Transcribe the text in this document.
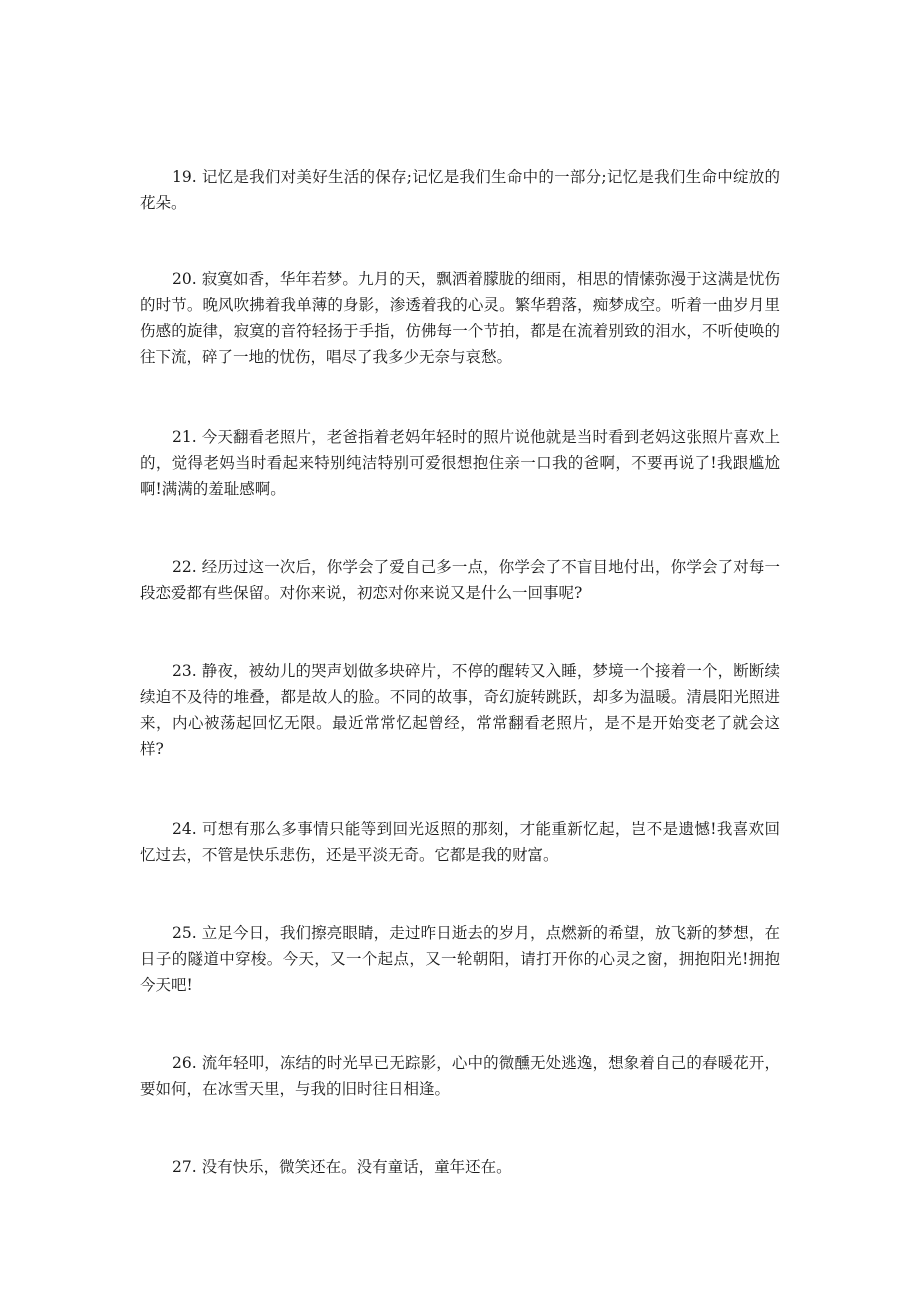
19. 记忆是我们对美好生活的保存;记忆是我们生命中的一部分;记忆是我们生命中绽放的花朵。

20. 寂寞如香，华年若梦。九月的天，飘洒着朦胧的细雨，相思的情愫弥漫于这满是忧伤的时节。晚风吹拂着我单薄的身影，渗透着我的心灵。繁华碧落，痴梦成空。听着一曲岁月里伤感的旋律，寂寞的音符轻扬于手指，仿佛每一个节拍，都是在流着别致的泪水，不听使唤的往下流，碎了一地的忧伤，唱尽了我多少无奈与哀愁。

21. 今天翻看老照片，老爸指着老妈年轻时的照片说他就是当时看到老妈这张照片喜欢上的，觉得老妈当时看起来特别纯洁特别可爱很想抱住亲一口我的爸啊，不要再说了!我跟尴尬啊!满满的羞耻感啊。

22. 经历过这一次后，你学会了爱自己多一点，你学会了不盲目地付出，你学会了对每一段恋爱都有些保留。对你来说，初恋对你来说又是什么一回事呢?

23. 静夜，被幼儿的哭声划做多块碎片，不停的醒转又入睡，梦境一个接着一个，断断续续迫不及待的堆叠，都是故人的脸。不同的故事，奇幻旋转跳跃，却多为温暖。清晨阳光照进来，内心被荡起回忆无限。最近常常忆起曾经，常常翻看老照片，是不是开始变老了就会这样?

24. 可想有那么多事情只能等到回光返照的那刻，才能重新忆起，岂不是遗憾!我喜欢回忆过去，不管是快乐悲伤，还是平淡无奇。它都是我的财富。

25. 立足今日，我们擦亮眼睛，走过昨日逝去的岁月，点燃新的希望，放飞新的梦想，在日子的隧道中穿梭。今天，又一个起点，又一轮朝阳，请打开你的心灵之窗，拥抱阳光!拥抱今天吧!

26. 流年轻叩，冻结的时光早已无踪影，心中的微醺无处逃逸，想象着自己的春暖花开，要如何，在冰雪天里，与我的旧时往日相逢。

27. 没有快乐，微笑还在。没有童话，童年还在。
